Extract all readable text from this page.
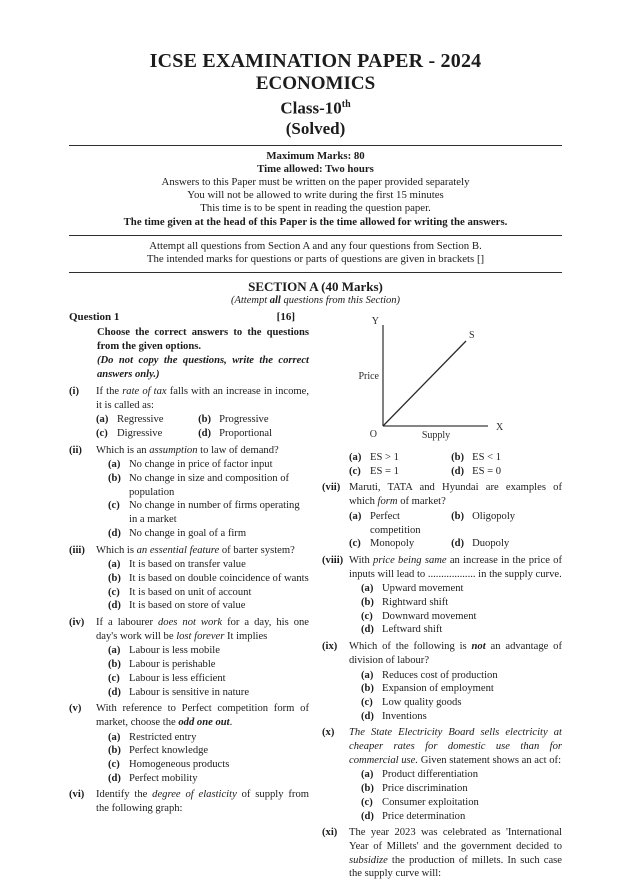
ICSE EXAMINATION PAPER - 2024
ECONOMICS
Class-10th
(Solved)
Maximum Marks: 80
Time allowed: Two hours
Answers to this Paper must be written on the paper provided separately
You will not be allowed to write during the first 15 minutes
This time is to be spent in reading the question paper.
The time given at the head of this Paper is the time allowed for writing the answers.
Attempt all questions from Section A and any four questions from Section B.
The intended marks for questions or parts of questions are given in brackets []
SECTION A (40 Marks)
(Attempt all questions from this Section)
Question 1	[16]
Choose the correct answers to the questions from the given options.
(Do not copy the questions, write the correct answers only.)
(i)	If the rate of tax falls with an increase in income, it is called as:
(a) Regressive	(b) Progressive
(c) Digressive	(d) Proportional
(ii)	Which is an assumption to law of demand?
(a) No change in price of factor input
(b) No change in size and composition of population
(c) No change in number of firms operating in a market
(d) No change in goal of a firm
(iii)	Which is an essential feature of barter system?
(a) It is based on transfer value
(b) It is based on double coincidence of wants
(c) It is based on unit of account
(d) It is based on store of value
(iv)	If a labourer does not work for a day, his one day's work will be lost forever It implies
(a) Labour is less mobile
(b) Labour is perishable
(c) Labour is less efficient
(d) Labour is sensitive in nature
(v)	With reference to Perfect competition form of market, choose the odd one out.
(a) Restricted entry
(b) Perfect knowledge
(c) Homogeneous products
(d) Perfect mobility
(vi)	Identify the degree of elasticity of supply from the following graph:
Y
Price
O	Supply
X
S
(a) ES > 1	(b) ES < 1
(c) ES = 1	(d) ES = 0
(vii) Maruti, TATA and Hyundai are examples of which form of market?
(a) Perfect competition
(b) Oligopoly
(c) Monopoly	(d) Duopoly
(viii) With price being same an increase in the price of inputs will lead to .................. in the supply curve.
(a) Upward movement
(b) Rightward shift
(c) Downward movement
(d) Leftward shift
(ix)	Which of the following is not an advantage of division of labour?
(a) Reduces cost of production
(b) Expansion of employment
(c) Low quality goods
(d) Inventions
(x)	The State Electricity Board sells electricity at cheaper rates for domestic use than for commercial use. Given statement shows an act of:
(a) Product differentiation
(b) Price discrimination
(c) Consumer exploitation
(d) Price determination
(xi)	The year 2023 was celebrated as 'International Year of Millets' and the government decided to subsidize the production of millets. In such case the supply curve will:
